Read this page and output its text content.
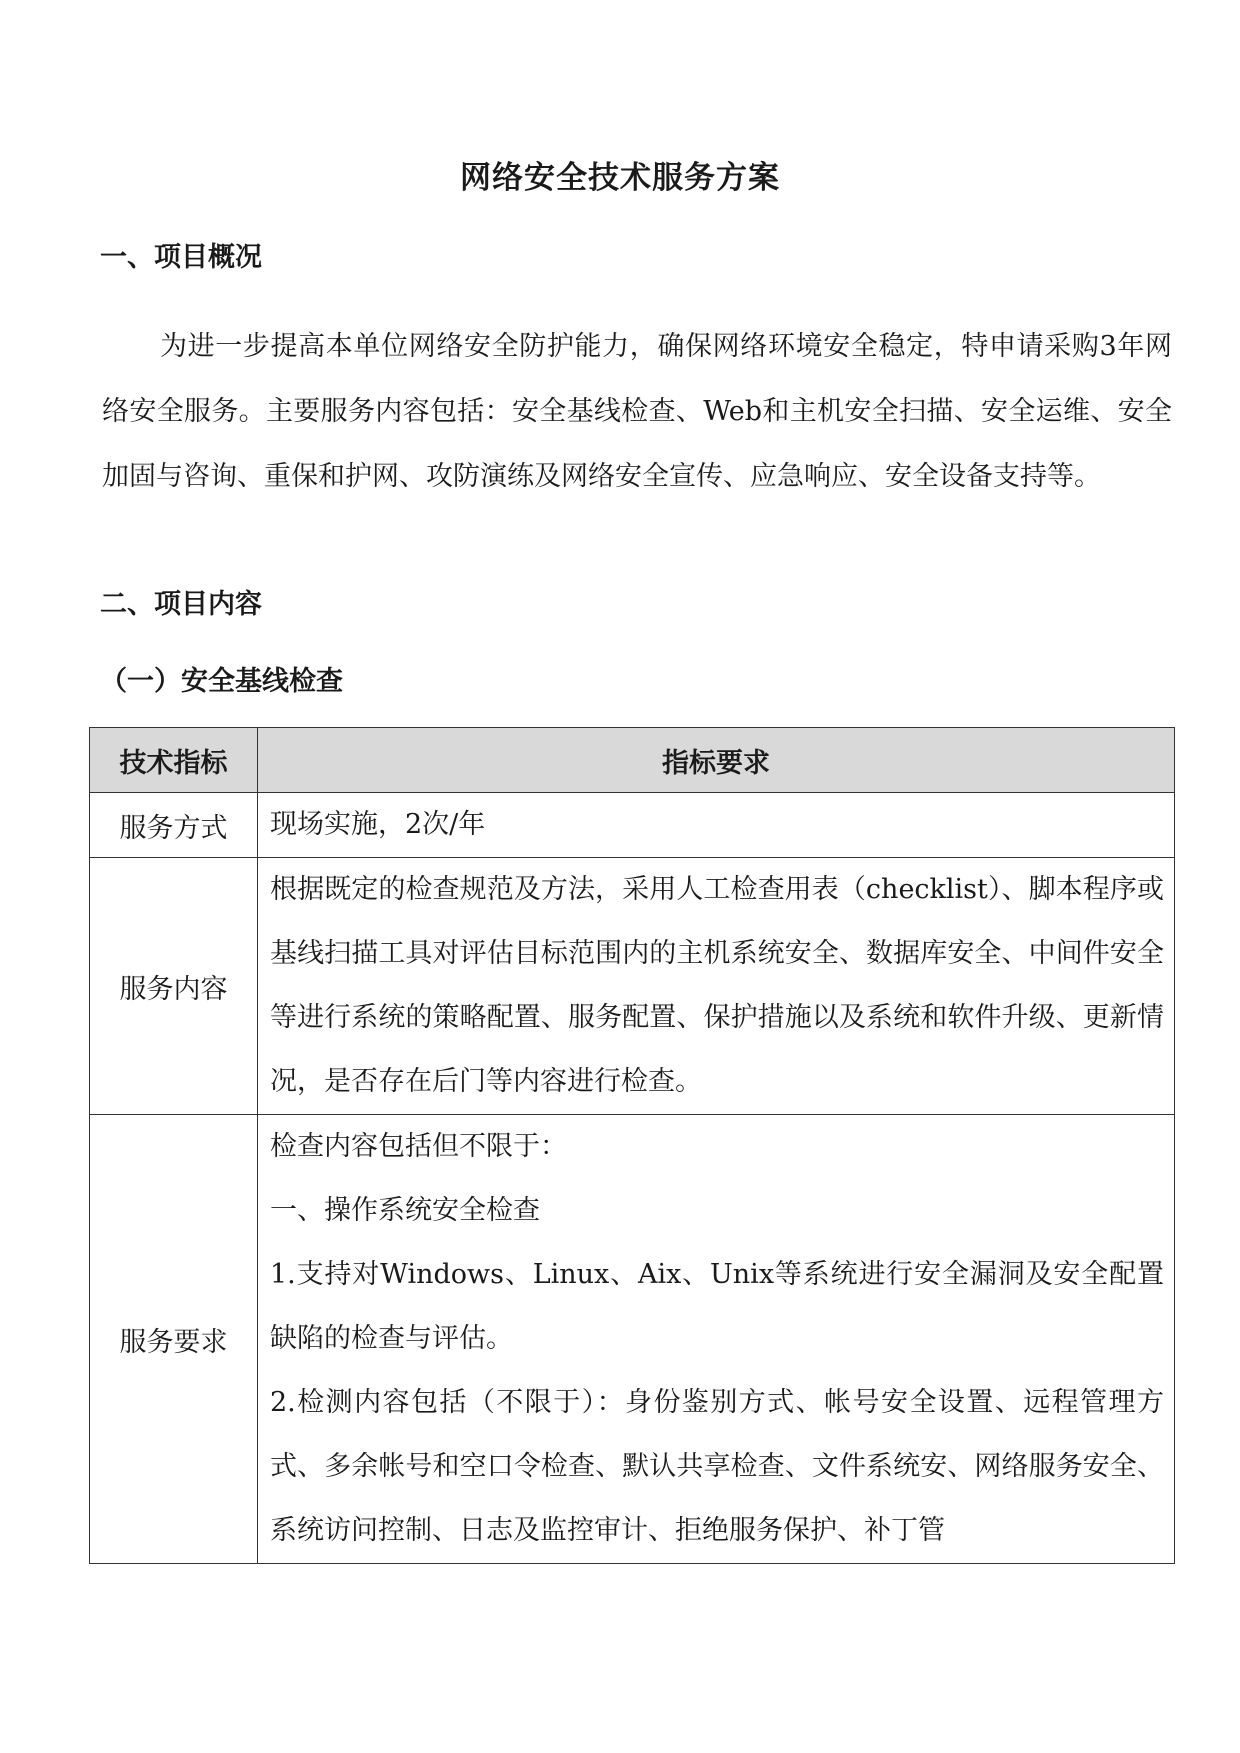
网络安全技术服务方案
一、项目概况

为进一步提高本单位网络安全防护能力，确保网络环境安全稳定，特申请采购3年网络安全服务。主要服务内容包括：安全基线检查、Web和主机安全扫描、安全运维、安全加固与咨询、重保和护网、攻防演练及网络安全宣传、应急响应、安全设备支持等。

二、项目内容
（一）安全基线检查
技术指标	指标要求
服务方式	现场实施，2次/年
服务内容	根据既定的检查规范及方法，采用人工检查用表（checklist）、脚本程序或基线扫描工具对评估目标范围内的主机系统安全、数据库安全、中间件安全等进行系统的策略配置、服务配置、保护措施以及系统和软件升级、更新情况，是否存在后门等内容进行检查。
服务要求	检查内容包括但不限于：
一、操作系统安全检查
1.支持对Windows、Linux、Aix、Unix等系统进行安全漏洞及安全配置缺陷的检查与评估。
2.检测内容包括（不限于）：身份鉴别方式、帐号安全设置、远程管理方式、多余帐号和空口令检查、默认共享检查、文件系统安、网络服务安全、系统访问控制、日志及监控审计、拒绝服务保护、补丁管
